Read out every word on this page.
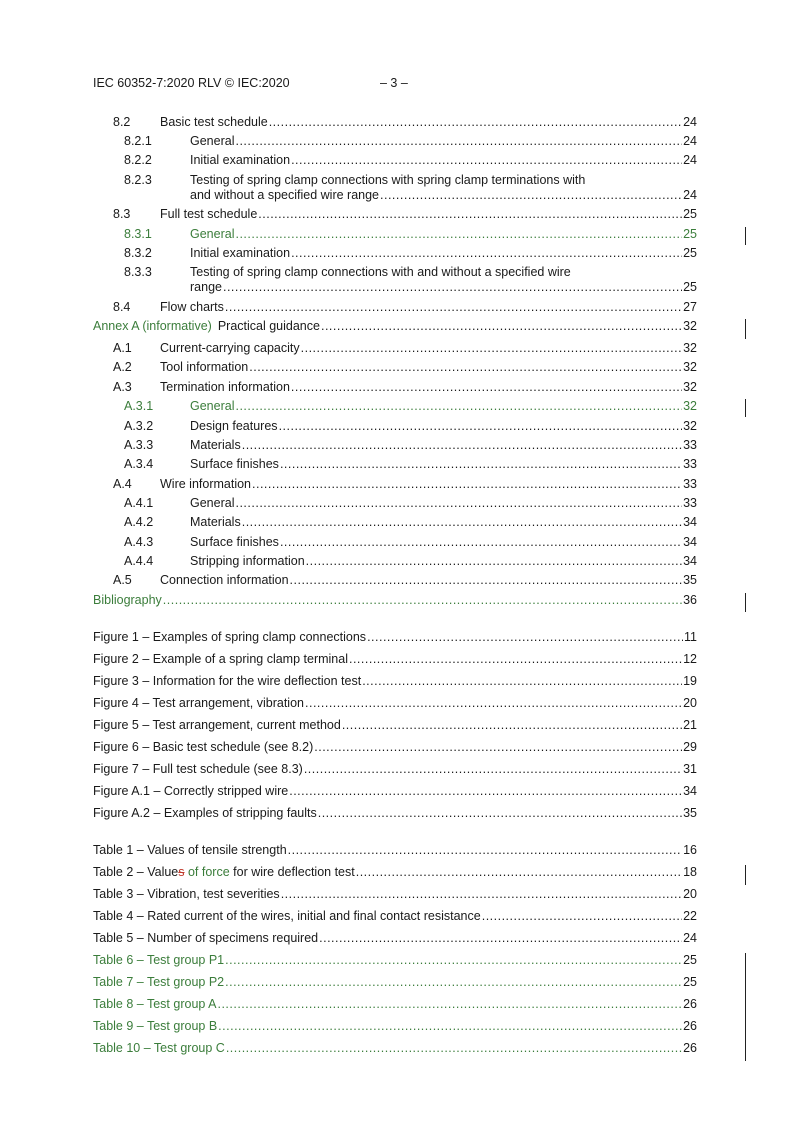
IEC 60352-7:2020 RLV © IEC:2020	– 3 –
8.2	Basic test schedule .....	24
8.2.1	General .....	24
8.2.2	Initial examination .....	24
8.2.3	Testing of spring clamp connections with spring clamp terminations with
and without a specified wire range .....	24
8.3	Full test schedule .....	25
8.3.1	General .....	25
8.3.2	Initial examination .....	25
8.3.3	Testing of spring clamp connections with and without a specified wire
range .....	25
8.4	Flow charts .....	27
Annex A (informative) Practical guidance .....	32
A.1	Current-carrying capacity .....	32
A.2	Tool information .....	32
A.3	Termination information .....	32
A.3.1	General .....	32
A.3.2	Design features .....	32
A.3.3	Materials .....	33
A.3.4	Surface finishes .....	33
A.4	Wire information .....	33
A.4.1	General .....	33
A.4.2	Materials .....	34
A.4.3	Surface finishes .....	34
A.4.4	Stripping information .....	34
A.5	Connection information .....	35
Bibliography .....	36
Figure 1 – Examples of spring clamp connections .....	11
Figure 2 – Example of a spring clamp terminal .....	12
Figure 3 – Information for the wire deflection test .....	19
Figure 4 – Test arrangement, vibration .....	20
Figure 5 – Test arrangement, current method .....	21
Figure 6 – Basic test schedule (see 8.2) .....	29
Figure 7 – Full test schedule (see 8.3) .....	31
Figure A.1 – Correctly stripped wire .....	34
Figure A.2 – Examples of stripping faults .....	35
Table 1 – Values of tensile strength .....	16
Table 2 – Values of force for wire deflection test .....	18
Table 3 – Vibration, test severities .....	20
Table 4 – Rated current of the wires, initial and final contact resistance .....	22
Table 5 – Number of specimens required .....	24
Table 6 – Test group P1 .....	25
Table 7 – Test group P2 .....	25
Table 8 – Test group A .....	26
Table 9 – Test group B .....	26
Table 10 – Test group C .....	26
